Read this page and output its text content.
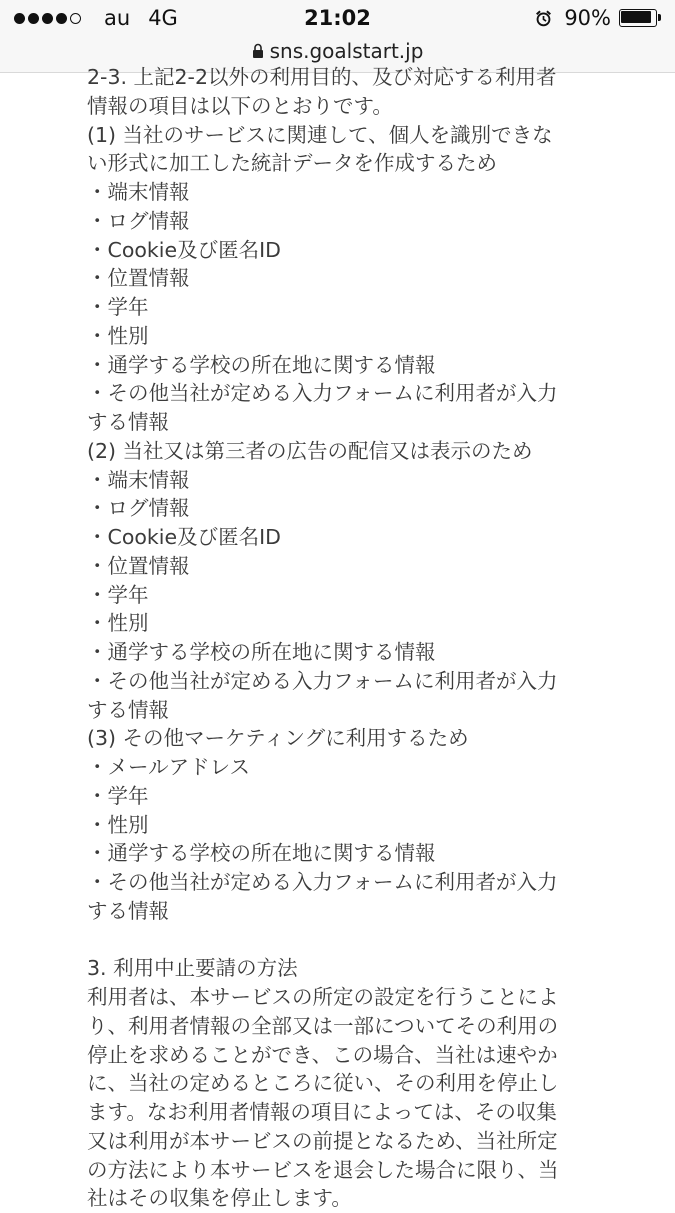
au 4G	21:02	90%
sns.goalstart.jp
2-3. 上記2-2以外の利用目的、及び対応する利用者
情報の項目は以下のとおりです。
(1) 当社のサービスに関連して、個人を識別できな
い形式に加工した統計データを作成するため
・端末情報
・ログ情報
・Cookie及び匿名ID
・位置情報
・学年
・性別
・通学する学校の所在地に関する情報
・その他当社が定める入力フォームに利用者が入力
する情報
(2) 当社又は第三者の広告の配信又は表示のため
・端末情報
・ログ情報
・Cookie及び匿名ID
・位置情報
・学年
・性別
・通学する学校の所在地に関する情報
・その他当社が定める入力フォームに利用者が入力
する情報
(3) その他マーケティングに利用するため
・メールアドレス
・学年
・性別
・通学する学校の所在地に関する情報
・その他当社が定める入力フォームに利用者が入力
する情報
3. 利用中止要請の方法
利用者は、本サービスの所定の設定を行うことによ
り、利用者情報の全部又は一部についてその利用の
停止を求めることができ、この場合、当社は速やか
に、当社の定めるところに従い、その利用を停止し
ます。なお利用者情報の項目によっては、その収集
又は利用が本サービスの前提となるため、当社所定
の方法により本サービスを退会した場合に限り、当
社はその収集を停止します。
